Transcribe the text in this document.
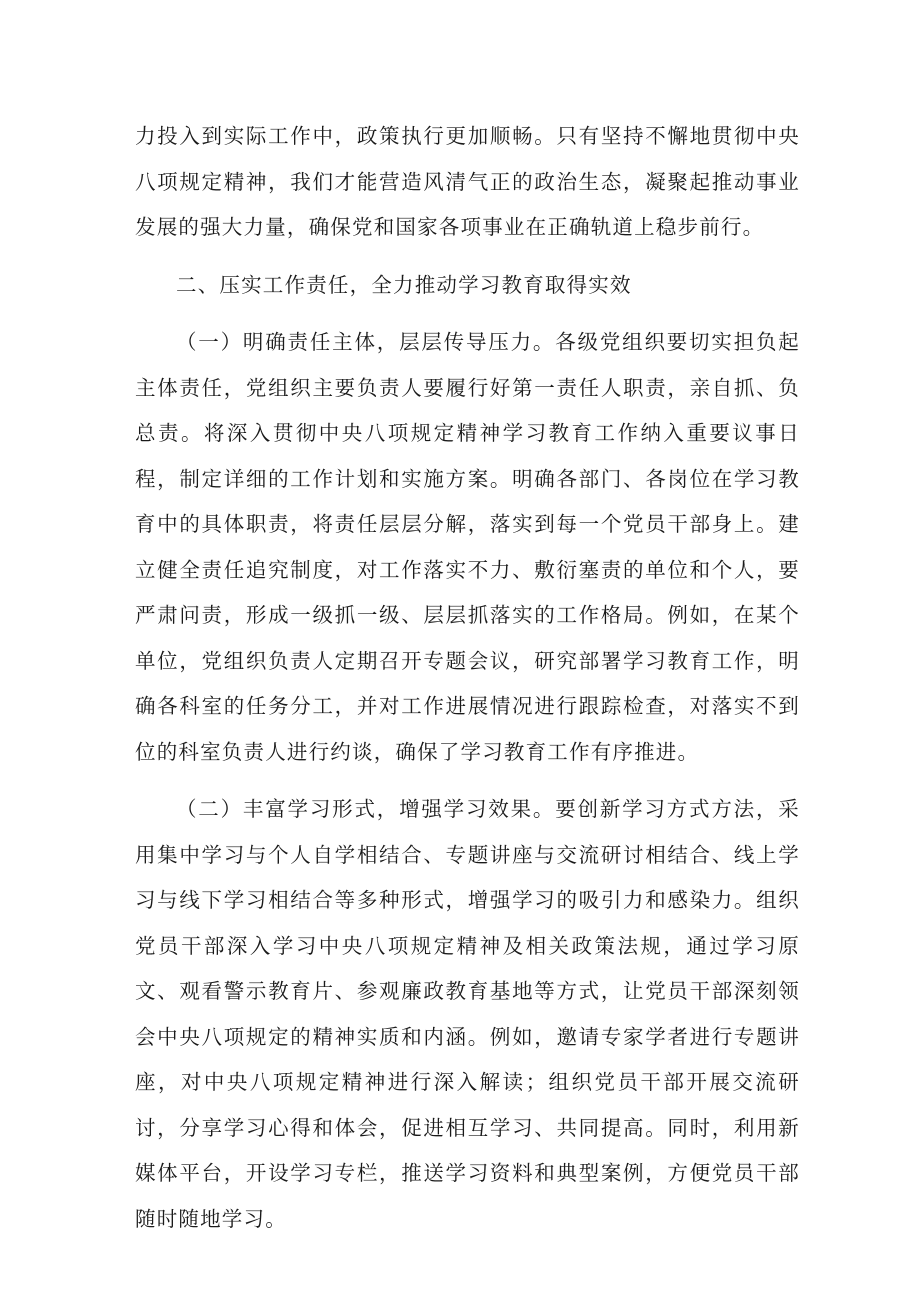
力投入到实际工作中，政策执行更加顺畅。只有坚持不懈地贯彻中央八项规定精神，我们才能营造风清气正的政治生态，凝聚起推动事业发展的强大力量，确保党和国家各项事业在正确轨道上稳步前行。

二、压实工作责任，全力推动学习教育取得实效

（一）明确责任主体，层层传导压力。各级党组织要切实担负起主体责任，党组织主要负责人要履行好第一责任人职责，亲自抓、负总责。将深入贯彻中央八项规定精神学习教育工作纳入重要议事日程，制定详细的工作计划和实施方案。明确各部门、各岗位在学习教育中的具体职责，将责任层层分解，落实到每一个党员干部身上。建立健全责任追究制度，对工作落实不力、敷衍塞责的单位和个人，要严肃问责，形成一级抓一级、层层抓落实的工作格局。例如，在某个单位，党组织负责人定期召开专题会议，研究部署学习教育工作，明确各科室的任务分工，并对工作进展情况进行跟踪检查，对落实不到位的科室负责人进行约谈，确保了学习教育工作有序推进。

（二）丰富学习形式，增强学习效果。要创新学习方式方法，采用集中学习与个人自学相结合、专题讲座与交流研讨相结合、线上学习与线下学习相结合等多种形式，增强学习的吸引力和感染力。组织党员干部深入学习中央八项规定精神及相关政策法规，通过学习原文、观看警示教育片、参观廉政教育基地等方式，让党员干部深刻领会中央八项规定的精神实质和内涵。例如，邀请专家学者进行专题讲座，对中央八项规定精神进行深入解读；组织党员干部开展交流研讨，分享学习心得和体会，促进相互学习、共同提高。同时，利用新媒体平台，开设学习专栏，推送学习资料和典型案例，方便党员干部随时随地学习。
